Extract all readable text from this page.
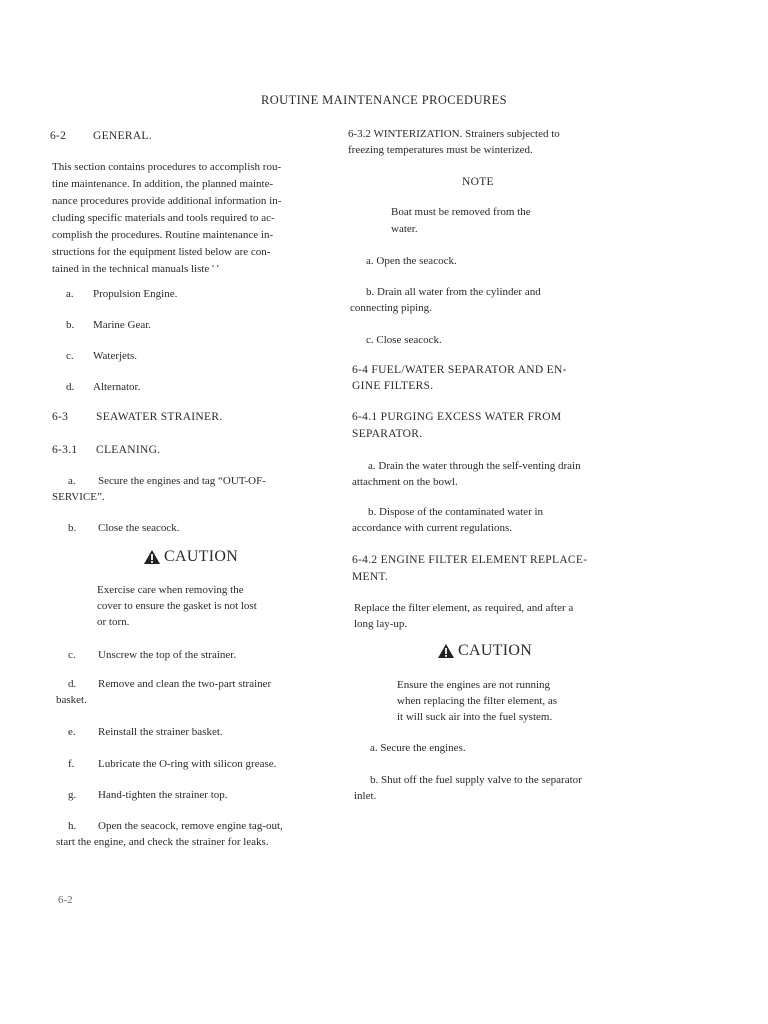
ROUTINE MAINTENANCE PROCEDURES
6-2 GENERAL.
This section contains procedures to accomplish rou-
tine maintenance. In addition, the planned mainte-
nance procedures provide additional information in-
cluding specific materials and tools required to ac-
complish the procedures. Routine maintenance in-
structions for the equipment listed below are con-
tained in the technical manuals liste ' '
a. Propulsion Engine.
b. Marine Gear.
c. Waterjets.
d. Alternator.
6-3 SEAWATER STRAINER.
6-3.1 CLEANING.
a. Secure the engines and tag “OUT-OF-
SERVICE”.
b. Close the seacock.
CAUTION
Exercise care when removing the
cover to ensure the gasket is not lost
or torn.
c. Unscrew the top of the strainer.
d. Remove and clean the two-part strainer
basket.
e. Reinstall the strainer basket.
f. Lubricate the O-ring with silicon grease.
g. Hand-tighten the strainer top.
h. Open the seacock, remove engine tag-out,
start the engine, and check the strainer for leaks.
6-3.2 WINTERIZATION. Strainers subjected to
freezing temperatures must be winterized.
NOTE
Boat must be removed from the
water.
a. Open the seacock.
b. Drain all water from the cylinder and
connecting piping.
c. Close seacock.
6-4 FUEL/WATER SEPARATOR AND EN-
GINE FILTERS.
6-4.1 PURGING EXCESS WATER FROM
SEPARATOR.
a. Drain the water through the self-venting drain
attachment on the bowl.
b. Dispose of the contaminated water in
accordance with current regulations.
6-4.2 ENGINE FILTER ELEMENT REPLACE-
MENT.
Replace the filter element, as required, and after a
long lay-up.
CAUTION
Ensure the engines are not running
when replacing the filter element, as
it will suck air into the fuel system.
a. Secure the engines.
b. Shut off the fuel supply valve to the separator
inlet.
6-2
